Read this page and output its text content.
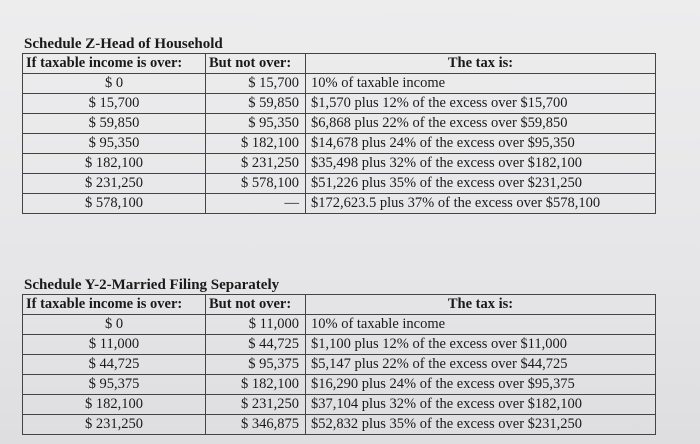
Schedule Z-Head of Household
If taxable income is over:	But not over:	The tax is:
$ 0	$ 15,700	10% of taxable income
$ 15,700	$ 59,850	$1,570 plus 12% of the excess over $15,700
$ 59,850	$ 95,350	$6,868 plus 22% of the excess over $59,850
$ 95,350	$ 182,100	$14,678 plus 24% of the excess over $95,350
$ 182,100	$ 231,250	$35,498 plus 32% of the excess over $182,100
$ 231,250	$ 578,100	$51,226 plus 35% of the excess over $231,250
$ 578,100	—	$172,623.5 plus 37% of the excess over $578,100
Schedule Y-2-Married Filing Separately
If taxable income is over:	But not over:	The tax is:
$ 0	$ 11,000	10% of taxable income
$ 11,000	$ 44,725	$1,100 plus 12% of the excess over $11,000
$ 44,725	$ 95,375	$5,147 plus 22% of the excess over $44,725
$ 95,375	$ 182,100	$16,290 plus 24% of the excess over $95,375
$ 182,100	$ 231,250	$37,104 plus 32% of the excess over $182,100
$ 231,250	$ 346,875	$52,832 plus 35% of the excess over $231,250
